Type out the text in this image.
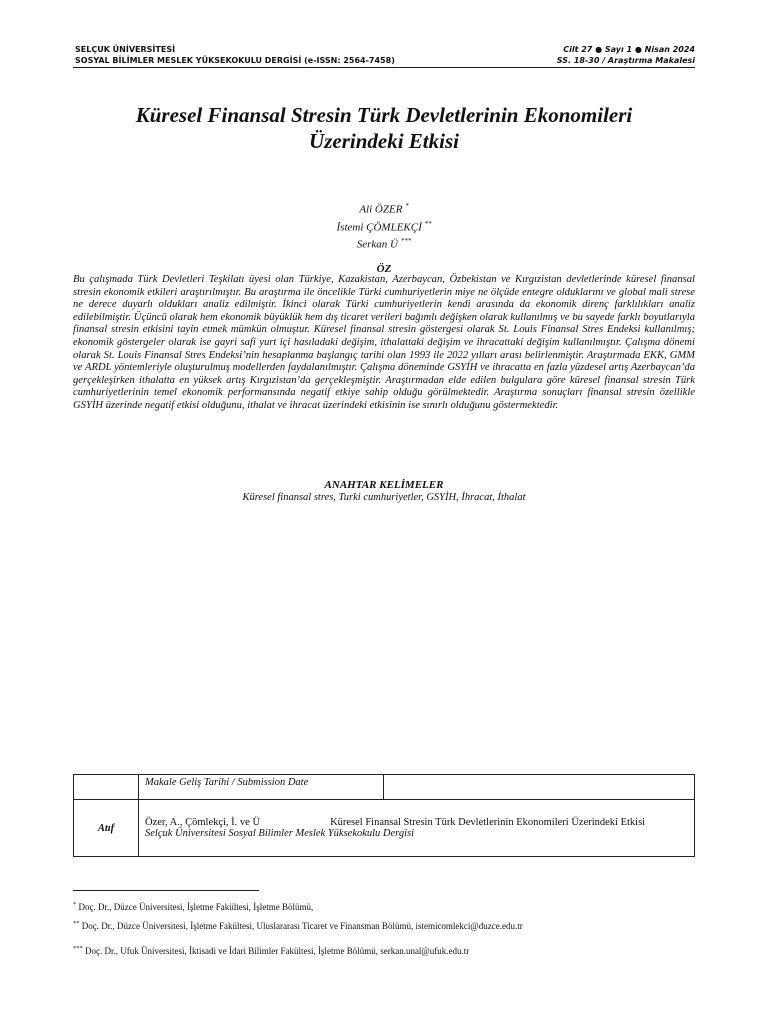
SELÇUK ÜNİVERSİTESİ
SOSYAL BİLİMLER MESLEK YÜKSEKOKULU DERGİSİ (e-ISSN: 2564-7458)
Cilt 27 ● Sayı 1 ● Nisan 2024
SS. 18-30 / Araştırma Makalesi
Küresel Finansal Stresin Türk Devletlerinin Ekonomileri
Üzerindeki Etkisi
Ali ÖZER *
İstemi ÇÖMLEKÇİ **
Serkan Ü ***
ÖZ
Bu çalışmada Türk Devletleri Teşkilatı üyesi olan Türkiye, Kazakistan, Azerbaycan, Özbekistan ve Kırgızistan devletlerinde küresel finansal stresin ekonomik etkileri araştırılmıştır. Bu araştırma ile öncelikle Türki cumhuriyetlerin miye ne ölçüde entegre olduklarını ve global mali strese ne derece duyarlı oldukları analiz edilmiştir. İkinci olarak Türki cumhuriyetlerin kendi arasında da ekonomik direnç farklılıkları analiz edilebilmiştir. Üçüncü olarak hem ekonomik büyüklük hem dış ticaret verileri bağımlı değişken olarak kullanılmış ve bu sayede farklı boyutlarıyla finansal stresin etkisini tayin etmek mümkün olmuştur. Küresel finansal stresin göstergesi olarak St. Louis Finansal Stres Endeksi kullanılmış; ekonomik göstergeler olarak ise gayri safi yurt içi hasıladaki değişim, ithalattaki değişim ve ihracattaki değişim kullanılmıştır. Çalışma dönemi olarak St. Louis Finansal Stres Endeksi’nin hesaplanma başlangıç tarihi olan 1993 ile 2022 yılları arası belirlenmiştir. Araştırmada EKK, GMM ve ARDL yöntemleriyle oluşturulmuş modellerden faydalanılmıştır. Çalışma döneminde GSYİH ve ihracatta en fazla yüzdesel artış Azerbaycan’da gerçekleşirken ithalatta en yüksek artış Kırgızistan’da gerçekleşmiştir. Araştırmadan elde edilen bulgulara göre küresel finansal stresin Türk cumhuriyetlerinin temel ekonomik performansında negatif etkiye sahip olduğu görülmektedir. Araştırma sonuçları finansal stresin özellikle GSYİH üzerinde negatif etkisi olduğunu, ithalat ve ihracat üzerindeki etkisinin ise sınırlı olduğunu göstermektedir.
ANAHTAR KELİMELER
Küresel finansal stres, Turki cumhuriyetler, GSYİH, İhracat, İthalat
	Makale Geliş Tarihi / Submission Date	
Atıf	Özer, A., Çömlekçi, İ. ve Ü Küresel Finansal Stresin Türk Devletlerinin Ekonomileri Üzerindeki Etkisi
Selçuk Üniversitesi Sosyal Bilimler Meslek Yüksekokulu Dergisi	
* Doç. Dr., Düzce Üniversitesi, İşletme Fakültesi, İşletme Bölümü,
** Doç. Dr., Düzce Üniversitesi, İşletme Fakültesi, Uluslararası Ticaret ve Finansman Bölümü, istemicomlekci@duzce.edu.tr
*** Doç. Dr., Ufuk Üniversitesi, İktisadi ve İdari Bilimler Fakültesi, İşletme Bölümü, serkan.unal@ufuk.edu.tr
